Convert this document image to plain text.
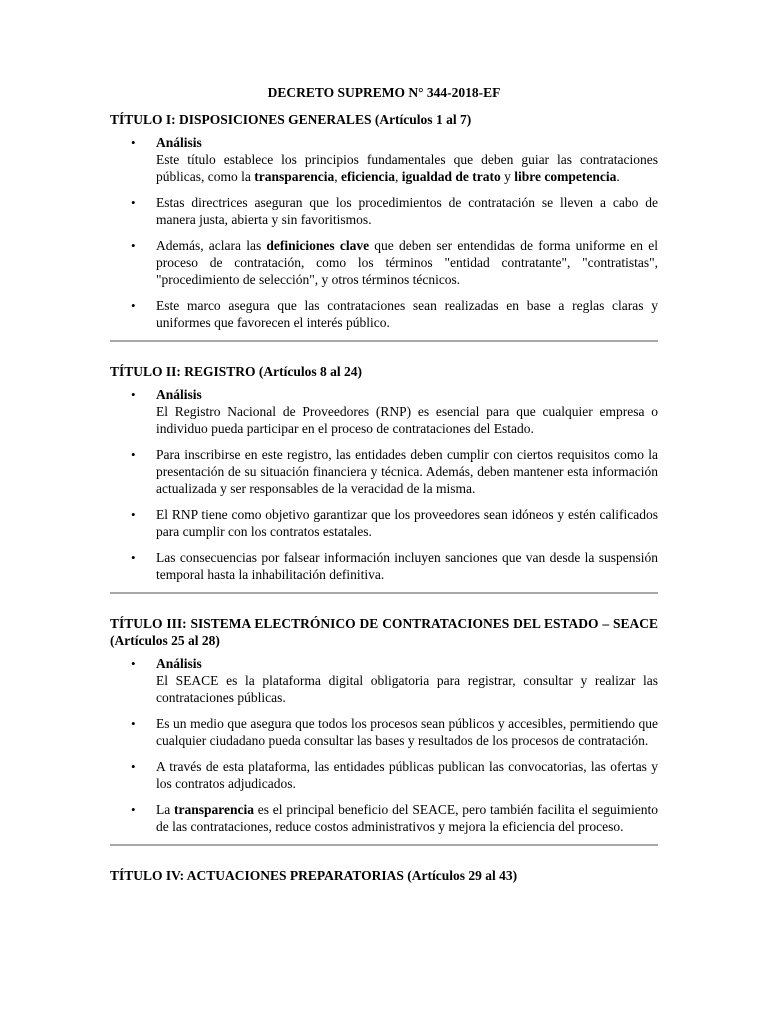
DECRETO SUPREMO N° 344-2018-EF
TÍTULO I: DISPOSICIONES GENERALES (Artículos 1 al 7)
• Análisis
Este título establece los principios fundamentales que deben guiar las contrataciones públicas, como la transparencia, eficiencia, igualdad de trato y libre competencia.
• Estas directrices aseguran que los procedimientos de contratación se lleven a cabo de manera justa, abierta y sin favoritismos.
• Además, aclara las definiciones clave que deben ser entendidas de forma uniforme en el proceso de contratación, como los términos "entidad contratante", "contratistas", "procedimiento de selección", y otros términos técnicos.
• Este marco asegura que las contrataciones sean realizadas en base a reglas claras y uniformes que favorecen el interés público.
TÍTULO II: REGISTRO (Artículos 8 al 24)
• Análisis
El Registro Nacional de Proveedores (RNP) es esencial para que cualquier empresa o individuo pueda participar en el proceso de contrataciones del Estado.
• Para inscribirse en este registro, las entidades deben cumplir con ciertos requisitos como la presentación de su situación financiera y técnica. Además, deben mantener esta información actualizada y ser responsables de la veracidad de la misma.
• El RNP tiene como objetivo garantizar que los proveedores sean idóneos y estén calificados para cumplir con los contratos estatales.
• Las consecuencias por falsear información incluyen sanciones que van desde la suspensión temporal hasta la inhabilitación definitiva.
TÍTULO III: SISTEMA ELECTRÓNICO DE CONTRATACIONES DEL ESTADO – SEACE (Artículos 25 al 28)
• Análisis
El SEACE es la plataforma digital obligatoria para registrar, consultar y realizar las contrataciones públicas.
• Es un medio que asegura que todos los procesos sean públicos y accesibles, permitiendo que cualquier ciudadano pueda consultar las bases y resultados de los procesos de contratación.
• A través de esta plataforma, las entidades públicas publican las convocatorias, las ofertas y los contratos adjudicados.
• La transparencia es el principal beneficio del SEACE, pero también facilita el seguimiento de las contrataciones, reduce costos administrativos y mejora la eficiencia del proceso.
TÍTULO IV: ACTUACIONES PREPARATORIAS (Artículos 29 al 43)
